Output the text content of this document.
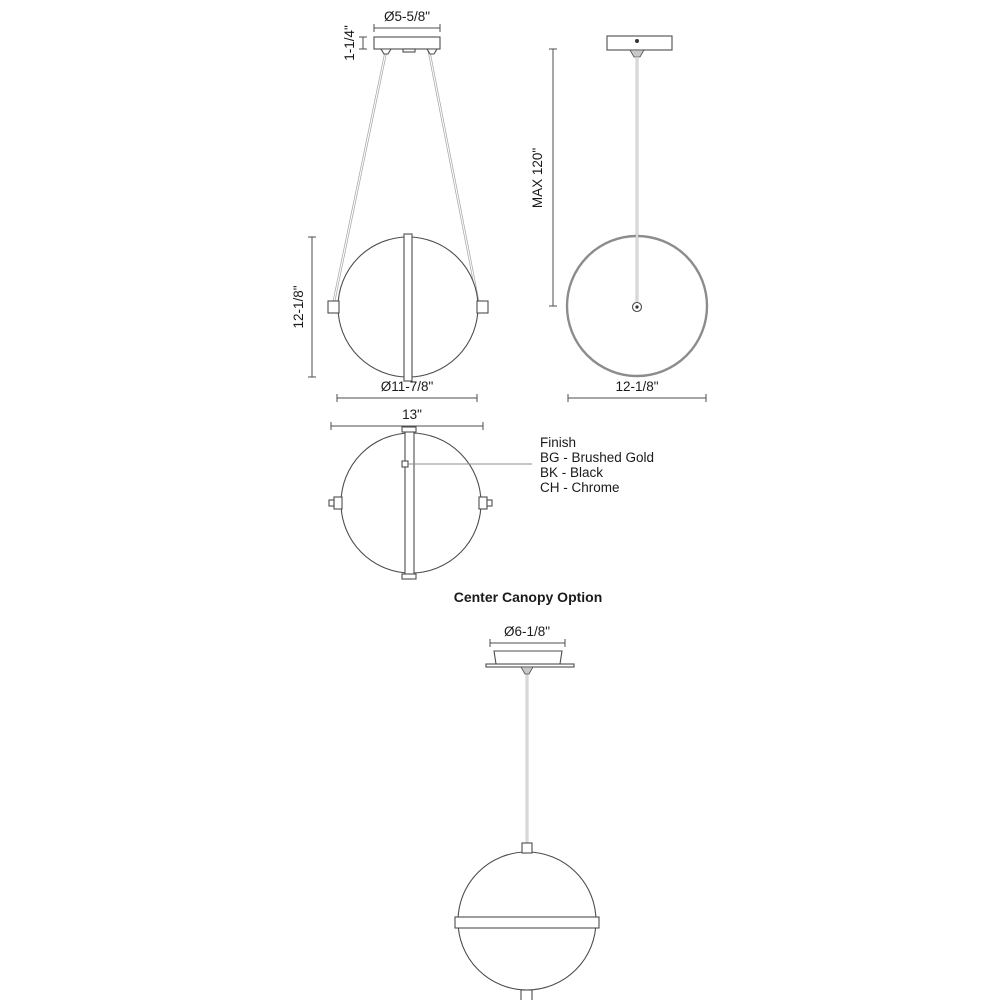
Ø5-5/8"
1-1/4"
12-1/8"
Ø11-7/8"
MAX 120"
12-1/8"
13"
Finish
BG - Brushed Gold
BK - Black
CH - Chrome
Center Canopy Option
Ø6-1/8"
